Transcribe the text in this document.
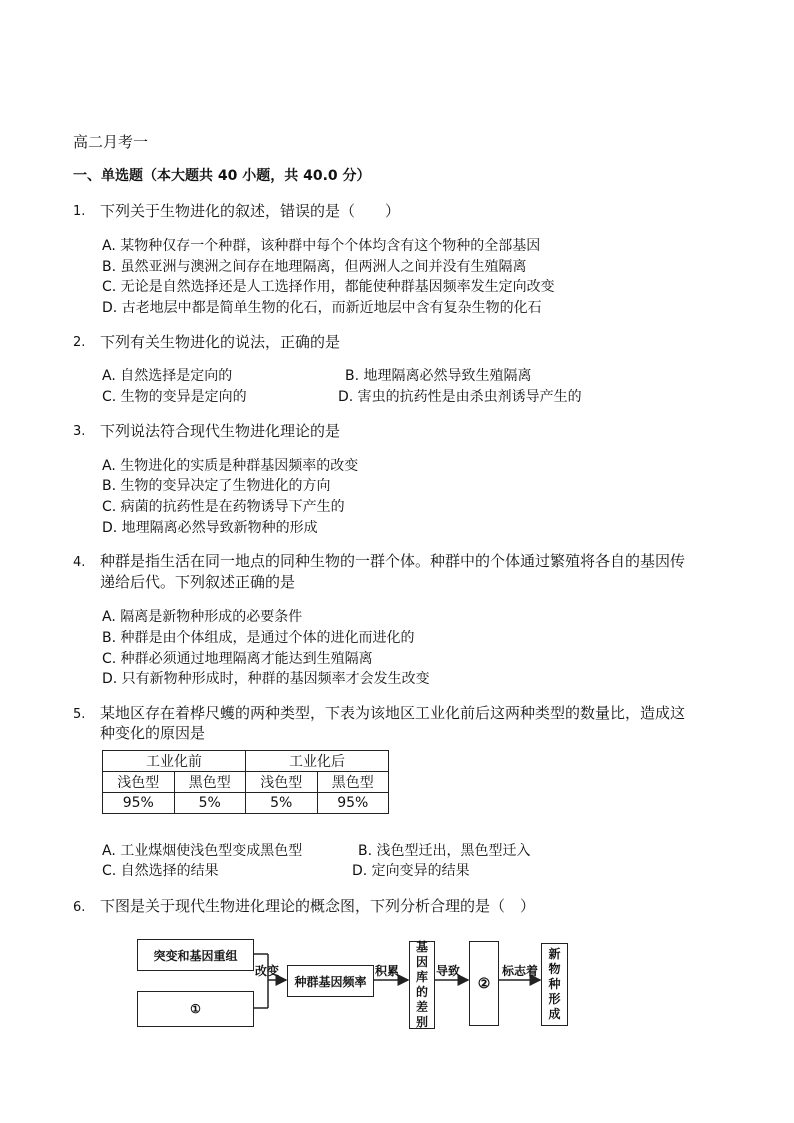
高二月考一
一、单选题（本大题共 40 小题，共 40.0 分）
1. 下列关于生物进化的叙述，错误的是（　　）
A. 某物种仅存一个种群，该种群中每个个体均含有这个物种的全部基因
B. 虽然亚洲与澳洲之间存在地理隔离，但两洲人之间并没有生殖隔离
C. 无论是自然选择还是人工选择作用，都能使种群基因频率发生定向改变
D. 古老地层中都是简单生物的化石，而新近地层中含有复杂生物的化石
2. 下列有关生物进化的说法，正确的是
A. 自然选择是定向的	B. 地理隔离必然导致生殖隔离
C. 生物的变异是定向的	D. 害虫的抗药性是由杀虫剂诱导产生的
3. 下列说法符合现代生物进化理论的是
A. 生物进化的实质是种群基因频率的改变
B. 生物的变异决定了生物进化的方向
C. 病菌的抗药性是在药物诱导下产生的
D. 地理隔离必然导致新物种的形成
4. 种群是指生活在同一地点的同种生物的一群个体。种群中的个体通过繁殖将各自的基因传
递给后代。下列叙述正确的是
A. 隔离是新物种形成的必要条件
B. 种群是由个体组成，是通过个体的进化而进化的
C. 种群必须通过地理隔离才能达到生殖隔离
D. 只有新物种形成时，种群的基因频率才会发生改变
5. 某地区存在着桦尺蠖的两种类型，下表为该地区工业化前后这两种类型的数量比，造成这
种变化的原因是
工业化前		工业化后	
浅色型	黑色型	浅色型	黑色型
95%	5%	5%	95%
A. 工业煤烟使浅色型变成黑色型	B. 浅色型迁出，黑色型迁入
C. 自然选择的结果	D. 定向变异的结果
6. 下图是关于现代生物进化理论的概念图，下列分析合理的是（　）
突变和基因重组
①
改变
种群基因频率
积累
基因库的差别
导致
②
标志着
新物种形成
